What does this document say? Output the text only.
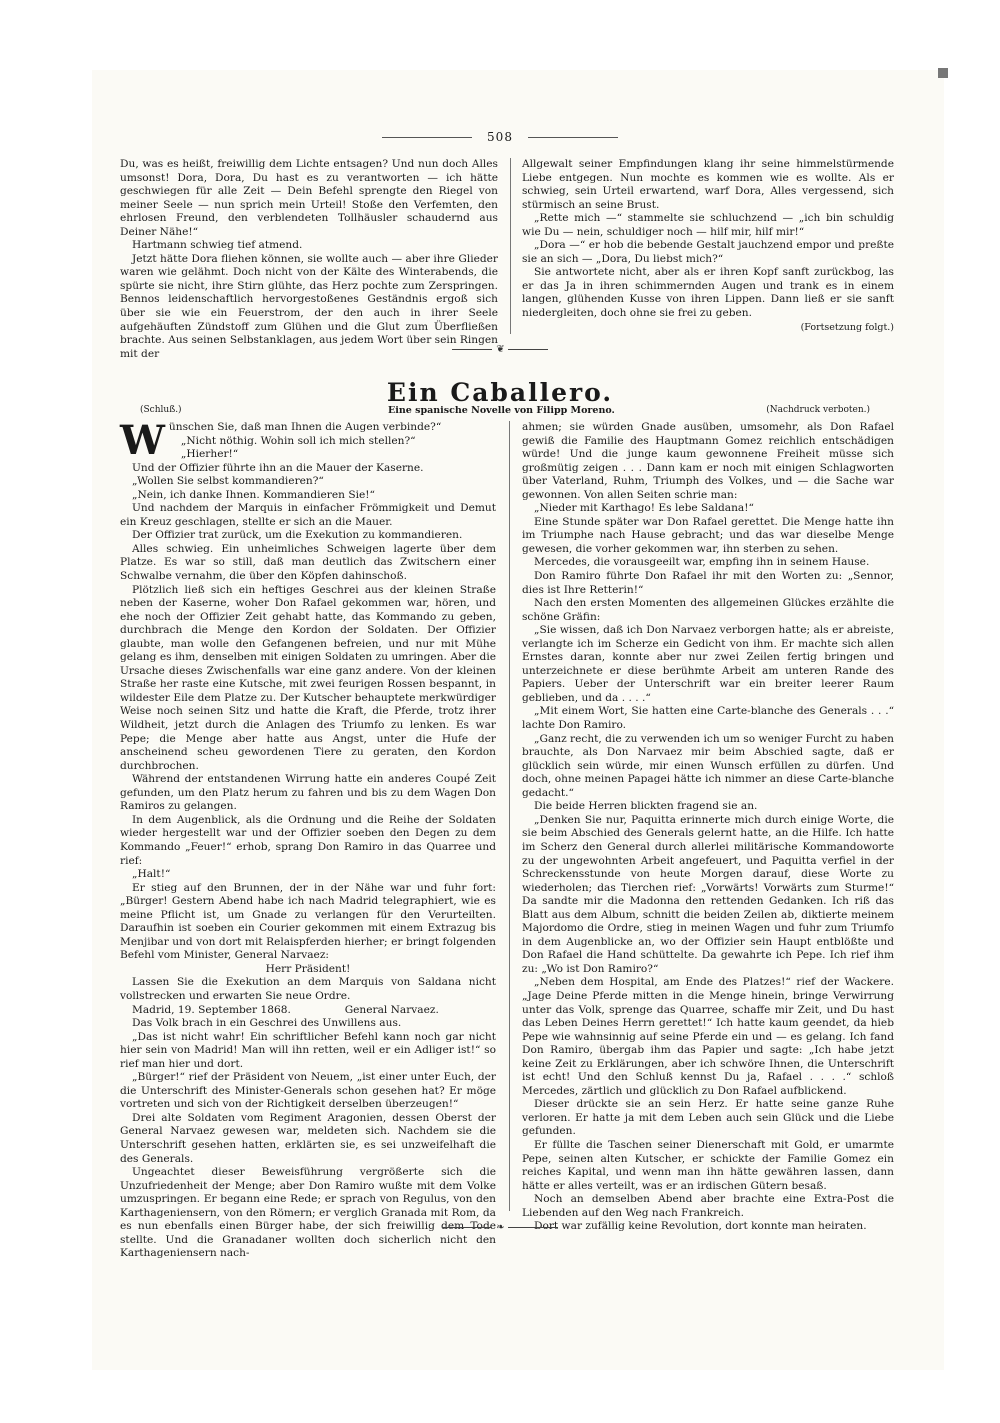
508

Du, was es heißt, freiwillig dem Lichte entsagen? Und nun doch Alles umsonst! Dora, Dora, Du hast es zu verantworten — ich hätte geschwiegen für alle Zeit — Dein Befehl sprengte den Riegel von meiner Seele — nun sprich mein Urteil! Stoße den Verfemten, den ehrlosen Freund, den verblendeten Tollhäusler schaudernd aus Deiner Nähe!“

Hartmann schwieg tief atmend.

Jetzt hätte Dora fliehen können, sie wollte auch — aber ihre Glieder waren wie gelähmt. Doch nicht von der Kälte des Winterabends, die spürte sie nicht, ihre Stirn glühte, das Herz pochte zum Zerspringen. Bennos leidenschaftlich hervorgestoßenes Geständnis ergoß sich über sie wie ein Feuerstrom, der den auch in ihrer Seele aufgehäuften Zündstoff zum Glühen und die Glut zum Überfließen brachte. Aus seinen Selbstanklagen, aus jedem Wort über sein Ringen mit der

Allgewalt seiner Empfindungen klang ihr seine himmelstürmende Liebe entgegen. Nun mochte es kommen wie es wollte. Als er schwieg, sein Urteil erwartend, warf Dora, Alles vergessend, sich stürmisch an seine Brust.

„Rette mich —“ stammelte sie schluchzend — „ich bin schuldig wie Du — nein, schuldiger noch — hilf mir, hilf mir!“

„Dora —“ er hob die bebende Gestalt jauchzend empor und preßte sie an sich — „Dora, Du liebst mich?“

Sie antwortete nicht, aber als er ihren Kopf sanft zurückbog, las er das Ja in ihren schimmernden Augen und trank es in einem langen, glühenden Kusse von ihren Lippen. Dann ließ er sie sanft niedergleiten, doch ohne sie frei zu geben.

(Fortsetzung folgt.)

❦
Ein Caballero.
(Schluß.)	Eine spanische Novelle von Filipp Moreno.	(Nachdruck verboten.)

Wünschen Sie, daß man Ihnen die Augen verbinde?“

„Nicht nöthig. Wohin soll ich mich stellen?“

„Hierher!“

Und der Offizier führte ihn an die Mauer der Kaserne.

„Wollen Sie selbst kommandieren?“

„Nein, ich danke Ihnen. Kommandieren Sie!“

Und nachdem der Marquis in einfacher Frömmigkeit und Demut ein Kreuz geschlagen, stellte er sich an die Mauer.

Der Offizier trat zurück, um die Exekution zu kommandieren.

Alles schwieg. Ein unheimliches Schweigen lagerte über dem Platze. Es war so still, daß man deutlich das Zwitschern einer Schwalbe vernahm, die über den Köpfen dahinschoß.

Plötzlich ließ sich ein heftiges Geschrei aus der kleinen Straße neben der Kaserne, woher Don Rafael gekommen war, hören, und ehe noch der Offizier Zeit gehabt hatte, das Kommando zu geben, durchbrach die Menge den Kordon der Soldaten. Der Offizier glaubte, man wolle den Gefangenen befreien, und nur mit Mühe gelang es ihm, denselben mit einigen Soldaten zu umringen. Aber die Ursache dieses Zwischenfalls war eine ganz andere. Von der kleinen Straße her raste eine Kutsche, mit zwei feurigen Rossen bespannt, in wildester Eile dem Platze zu. Der Kutscher behauptete merkwürdiger Weise noch seinen Sitz und hatte die Kraft, die Pferde, trotz ihrer Wildheit, jetzt durch die Anlagen des Triumfo zu lenken. Es war Pepe; die Menge aber hatte aus Angst, unter die Hufe der anscheinend scheu gewordenen Tiere zu geraten, den Kordon durchbrochen.

Während der entstandenen Wirrung hatte ein anderes Coupé Zeit gefunden, um den Platz herum zu fahren und bis zu dem Wagen Don Ramiros zu gelangen.

In dem Augenblick, als die Ordnung und die Reihe der Soldaten wieder hergestellt war und der Offizier soeben den Degen zu dem Kommando „Feuer!“ erhob, sprang Don Ramiro in das Quarree und rief:

„Halt!“

Er stieg auf den Brunnen, der in der Nähe war und fuhr fort: „Bürger! Gestern Abend habe ich nach Madrid telegraphiert, wie es meine Pflicht ist, um Gnade zu verlangen für den Verurteilten. Daraufhin ist soeben ein Courier gekommen mit einem Extrazug bis Menjibar und von dort mit Relaispferden hierher; er bringt folgenden Befehl vom Minister, General Narvaez:

Herr Präsident!

Lassen Sie die Exekution an dem Marquis von Saldana nicht vollstrecken und erwarten Sie neue Ordre.

Madrid, 19. September 1868.                General Narvaez.

Das Volk brach in ein Geschrei des Unwillens aus.

„Das ist nicht wahr! Ein schriftlicher Befehl kann noch gar nicht hier sein von Madrid! Man will ihn retten, weil er ein Adliger ist!“ so rief man hier und dort.

„Bürger!“ rief der Präsident von Neuem, „ist einer unter Euch, der die Unterschrift des Minister-Generals schon gesehen hat? Er möge vortreten und sich von der Richtigkeit derselben überzeugen!“

Drei alte Soldaten vom Regiment Aragonien, dessen Oberst der General Narvaez gewesen war, meldeten sich. Nachdem sie die Unterschrift gesehen hatten, erklärten sie, es sei unzweifelhaft die des Generals.

Ungeachtet dieser Beweisführung vergrößerte sich die Unzufriedenheit der Menge; aber Don Ramiro wußte mit dem Volke umzuspringen. Er begann eine Rede; er sprach von Regulus, von den Karthageniensern, von den Römern; er verglich Granada mit Rom, da es nun ebenfalls einen Bürger habe, der sich freiwillig dem Tode stellte. Und die Granadaner wollten doch sicherlich nicht den Karthageniensern nach-

ahmen; sie würden Gnade ausüben, umsomehr, als Don Rafael gewiß die Familie des Hauptmann Gomez reichlich entschädigen würde! Und die junge kaum gewonnene Freiheit müsse sich großmütig zeigen . . . Dann kam er noch mit einigen Schlagworten über Vaterland, Ruhm, Triumph des Volkes, und — die Sache war gewonnen. Von allen Seiten schrie man:

„Nieder mit Karthago! Es lebe Saldana!“

Eine Stunde später war Don Rafael gerettet. Die Menge hatte ihn im Triumphe nach Hause gebracht; und das war dieselbe Menge gewesen, die vorher gekommen war, ihn sterben zu sehen.

Mercedes, die vorausgeeilt war, empfing ihn in seinem Hause.

Don Ramiro führte Don Rafael ihr mit den Worten zu: „Sennor, dies ist Ihre Retterin!“

Nach den ersten Momenten des allgemeinen Glückes erzählte die schöne Gräfin:

„Sie wissen, daß ich Don Narvaez verborgen hatte; als er abreiste, verlangte ich im Scherze ein Gedicht von ihm. Er machte sich allen Ernstes daran, konnte aber nur zwei Zeilen fertig bringen und unterzeichnete er diese berühmte Arbeit am unteren Rande des Papiers. Ueber der Unterschrift war ein breiter leerer Raum geblieben, und da . . . .“

„Mit einem Wort, Sie hatten eine Carte-blanche des Generals . . .“ lachte Don Ramiro.

„Ganz recht, die zu verwenden ich um so weniger Furcht zu haben brauchte, als Don Narvaez mir beim Abschied sagte, daß er glücklich sein würde, mir einen Wunsch erfüllen zu dürfen. Und doch, ohne meinen Papagei hätte ich nimmer an diese Carte-blanche gedacht.“

Die beide Herren blickten fragend sie an.

„Denken Sie nur, Paquitta erinnerte mich durch einige Worte, die sie beim Abschied des Generals gelernt hatte, an die Hilfe. Ich hatte im Scherz den General durch allerlei militärische Kommandoworte zu der ungewohnten Arbeit angefeuert, und Paquitta verfiel in der Schreckensstunde von heute Morgen darauf, diese Worte zu wiederholen; das Tierchen rief: „Vorwärts! Vorwärts zum Sturme!“ Da sandte mir die Madonna den rettenden Gedanken. Ich riß das Blatt aus dem Album, schnitt die beiden Zeilen ab, diktierte meinem Majordomo die Ordre, stieg in meinen Wagen und fuhr zum Triumfo in dem Augenblicke an, wo der Offizier sein Haupt entblößte und Don Rafael die Hand schüttelte. Da gewahrte ich Pepe. Ich rief ihm zu: „Wo ist Don Ramiro?“

„Neben dem Hospital, am Ende des Platzes!“ rief der Wackere. „Jage Deine Pferde mitten in die Menge hinein, bringe Verwirrung unter das Volk, sprenge das Quarree, schaffe mir Zeit, und Du hast das Leben Deines Herrn gerettet!“ Ich hatte kaum geendet, da hieb Pepe wie wahnsinnig auf seine Pferde ein und — es gelang. Ich fand Don Ramiro, übergab ihm das Papier und sagte: „Ich habe jetzt keine Zeit zu Erklärungen, aber ich schwöre Ihnen, die Unterschrift ist echt! Und den Schluß kennst Du ja, Rafael . . . .“ schloß Mercedes, zärtlich und glücklich zu Don Rafael aufblickend.

Dieser drückte sie an sein Herz. Er hatte seine ganze Ruhe verloren. Er hatte ja mit dem Leben auch sein Glück und die Liebe gefunden.

Er füllte die Taschen seiner Dienerschaft mit Gold, er umarmte Pepe, seinen alten Kutscher, er schickte der Familie Gomez ein reiches Kapital, und wenn man ihn hätte gewähren lassen, dann hätte er alles verteilt, was er an irdischen Gütern besaß.

Noch an demselben Abend aber brachte eine Extra-Post die Liebenden auf den Weg nach Frankreich.

Dort war zufällig keine Revolution, dort konnte man heiraten.

❧
